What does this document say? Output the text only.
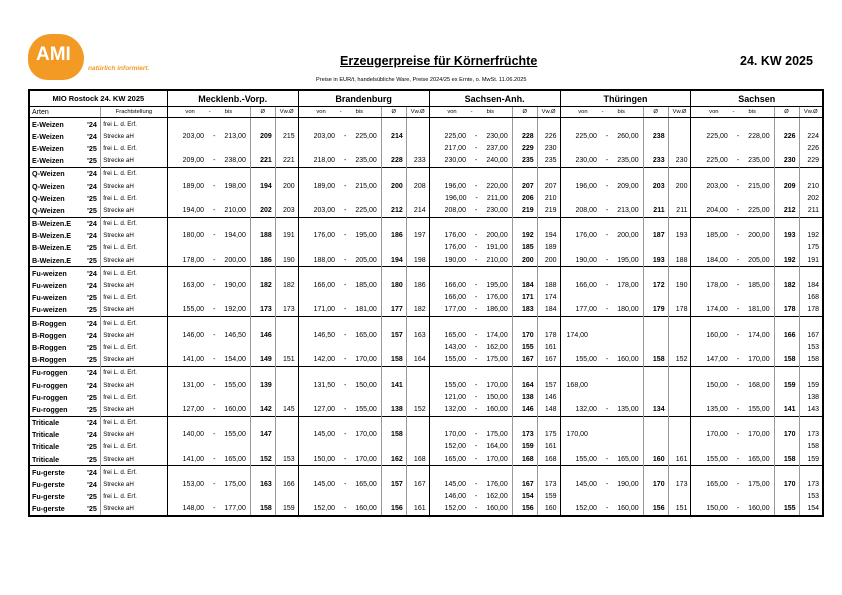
AMI
natürlich informiert.
Erzeugerpreise für Körnerfrüchte	24. KW 2025
Preise in EUR/t, handelsübliche Ware, Preise 2024/25 ex Ernte, o. MwSt. 11.06.2025
MIO Rostock 24. KW 2025			Mecklenb.-Vorp.			Brandenburg			Sachsen-Anh.			Thüringen			Sachsen		
Arten		Frachtstellung	von - bis	Ø	Vw.Ø	von - bis	Ø	Vw.Ø	von - bis	Ø	Vw.Ø	von - bis	Ø	Vw.Ø	von - bis	Ø	Vw.Ø
E-Weizen	'24	frei L. d. Erf.															
E-Weizen	'24	Strecke aH	203,00 - 213,00	209	215	203,00 - 225,00	214		225,00 - 230,00	228	226	225,00 - 260,00	238		225,00 - 228,00	226	224
E-Weizen	'25	frei L. d. Erf.							217,00 - 237,00	229	230						226
E-Weizen	'25	Strecke aH	209,00 - 238,00	221	221	218,00 - 235,00	228	233	230,00 - 240,00	235	235	230,00 - 235,00	233	230	225,00 - 235,00	230	229
Q-Weizen	'24	frei L. d. Erf.															
Q-Weizen	'24	Strecke aH	189,00 - 198,00	194	200	189,00 - 215,00	200	208	196,00 - 220,00	207	207	196,00 - 209,00	203	200	203,00 - 215,00	209	210
Q-Weizen	'25	frei L. d. Erf.							196,00 - 211,00	206	210						202
Q-Weizen	'25	Strecke aH	194,00 - 210,00	202	203	203,00 - 225,00	212	214	208,00 - 230,00	219	219	208,00 - 213,00	211	211	204,00 - 225,00	212	211
B-Weizen.E	'24	frei L. d. Erf.															
B-Weizen.E	'24	Strecke aH	180,00 - 194,00	188	191	176,00 - 195,00	186	197	176,00 - 200,00	192	194	176,00 - 200,00	187	193	185,00 - 200,00	193	192
B-Weizen.E	'25	frei L. d. Erf.							176,00 - 191,00	185	189						175
B-Weizen.E	'25	Strecke aH	178,00 - 200,00	186	190	188,00 - 205,00	194	198	190,00 - 210,00	200	200	190,00 - 195,00	193	188	184,00 - 205,00	192	191
Fu-weizen	'24	frei L. d. Erf.															
Fu-weizen	'24	Strecke aH	163,00 - 190,00	182	182	166,00 - 185,00	180	186	166,00 - 195,00	184	188	166,00 - 178,00	172	190	178,00 - 185,00	182	184
Fu-weizen	'25	frei L. d. Erf.							166,00 - 176,00	171	174						168
Fu-weizen	'25	Strecke aH	155,00 - 192,00	173	173	171,00 - 181,00	177	182	177,00 - 186,00	183	184	177,00 - 180,00	179	178	174,00 - 181,00	178	178
B-Roggen	'24	frei L. d. Erf.															
B-Roggen	'24	Strecke aH	146,00 - 146,50	146		146,50 - 165,00	157	163	165,00 - 174,00	170	178	174,00			160,00 - 174,00	166	167
B-Roggen	'25	frei L. d. Erf.							143,00 - 162,00	155	161						153
B-Roggen	'25	Strecke aH	141,00 - 154,00	149	151	142,00 - 170,00	158	164	155,00 - 175,00	167	167	155,00 - 160,00	158	152	147,00 - 170,00	158	158
Fu-roggen	'24	frei L. d. Erf.															
Fu-roggen	'24	Strecke aH	131,00 - 155,00	139		131,50 - 150,00	141		155,00 - 170,00	164	157	168,00			150,00 - 168,00	159	159
Fu-roggen	'25	frei L. d. Erf.							121,00 - 150,00	138	146						138
Fu-roggen	'25	Strecke aH	127,00 - 160,00	142	145	127,00 - 155,00	138	152	132,00 - 160,00	146	148	132,00 - 135,00	134		135,00 - 155,00	141	143
Triticale	'24	frei L. d. Erf.															
Triticale	'24	Strecke aH	140,00 - 155,00	147		145,00 - 170,00	158		170,00 - 175,00	173	175	170,00			170,00 - 170,00	170	173
Triticale	'25	frei L. d. Erf.							152,00 - 164,00	159	161						158
Triticale	'25	Strecke aH	141,00 - 165,00	152	153	150,00 - 170,00	162	168	165,00 - 170,00	168	168	155,00 - 165,00	160	161	155,00 - 165,00	158	159
Fu-gerste	'24	frei L. d. Erf.															
Fu-gerste	'24	Strecke aH	153,00 - 175,00	163	166	145,00 - 165,00	157	167	145,00 - 176,00	167	173	145,00 - 190,00	170	173	165,00 - 175,00	170	173
Fu-gerste	'25	frei L. d. Erf.							146,00 - 162,00	154	159						153
Fu-gerste	'25	Strecke aH	148,00 - 177,00	158	159	152,00 - 160,00	156	161	152,00 - 160,00	156	160	152,00 - 160,00	156	151	150,00 - 160,00	155	154
